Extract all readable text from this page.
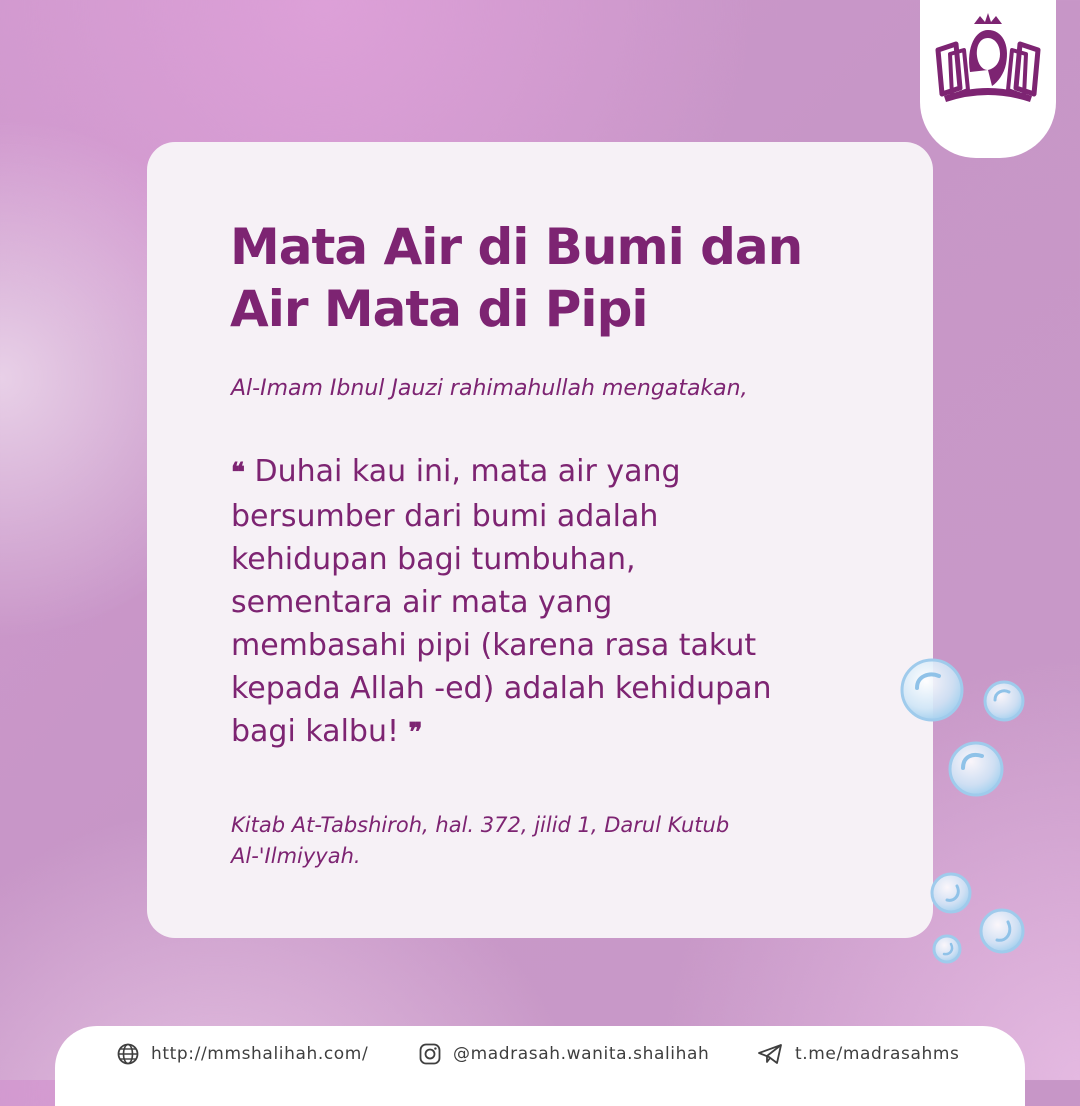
Mata Air di Bumi dan
Air Mata di Pipi
Al-Imam Ibnul Jauzi rahimahullah mengatakan,
❝ Duhai kau ini, mata air yang bersumber dari bumi adalah kehidupan bagi tumbuhan, sementara air mata yang membasahi pipi (karena rasa takut kepada Allah -ed) adalah kehidupan bagi kalbu! ❞
Kitab At-Tabshiroh, hal. 372, jilid 1, Darul Kutub Al-'Ilmiyyah.
http://mmshalihah.com/	@madrasah.wanita.shalihah	t.me/madrasahms
